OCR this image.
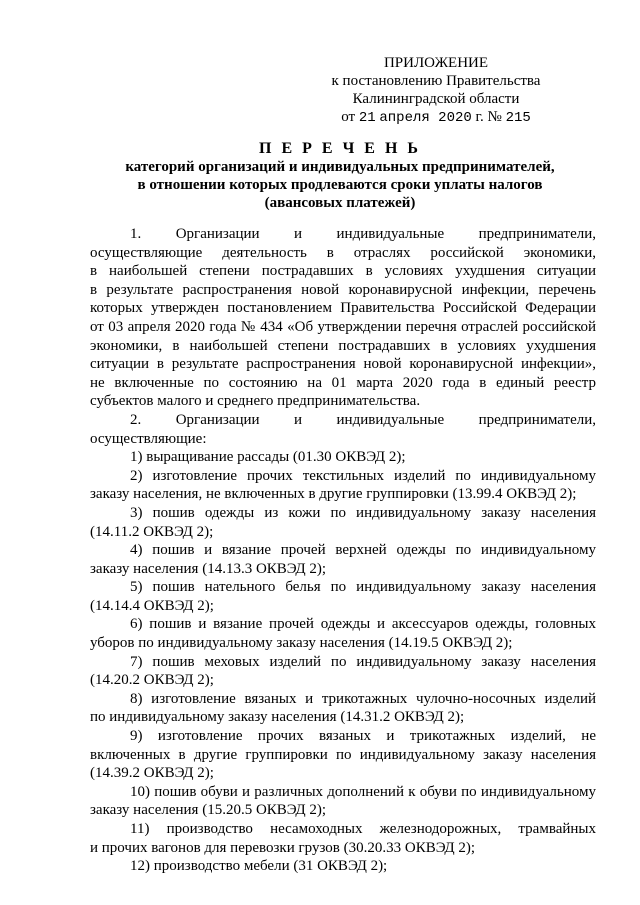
ПРИЛОЖЕНИЕ
к постановлению Правительства
Калининградской области
от 21 апреля 2020 г. № 215
П Е Р Е Ч Е Н Ь
категорий организаций и индивидуальных предпринимателей,
в отношении которых продлеваются сроки уплаты налогов
(авансовых платежей)
1. Организации и индивидуальные предприниматели,
осуществляющие деятельность в отраслях российской экономики,
в наибольшей степени пострадавших в условиях ухудшения ситуации
в результате распространения новой коронавирусной инфекции, перечень
которых утвержден постановлением Правительства Российской Федерации
от 03 апреля 2020 года № 434 «Об утверждении перечня отраслей российской
экономики, в наибольшей степени пострадавших в условиях ухудшения
ситуации в результате распространения новой коронавирусной инфекции»,
не включенные по состоянию на 01 марта 2020 года в единый реестр
субъектов малого и среднего предпринимательства.
2. Организации и индивидуальные предприниматели,
осуществляющие:
1) выращивание рассады (01.30 ОКВЭД 2);
2) изготовление прочих текстильных изделий по индивидуальному
заказу населения, не включенных в другие группировки (13.99.4 ОКВЭД 2);
3) пошив одежды из кожи по индивидуальному заказу населения
(14.11.2 ОКВЭД 2);
4) пошив и вязание прочей верхней одежды по индивидуальному
заказу населения (14.13.3 ОКВЭД 2);
5) пошив нательного белья по индивидуальному заказу населения
(14.14.4 ОКВЭД 2);
6) пошив и вязание прочей одежды и аксессуаров одежды, головных
уборов по индивидуальному заказу населения (14.19.5 ОКВЭД 2);
7) пошив меховых изделий по индивидуальному заказу населения
(14.20.2 ОКВЭД 2);
8) изготовление вязаных и трикотажных чулочно-носочных изделий
по индивидуальному заказу населения (14.31.2 ОКВЭД 2);
9) изготовление прочих вязаных и трикотажных изделий, не
включенных в другие группировки по индивидуальному заказу населения
(14.39.2 ОКВЭД 2);
10) пошив обуви и различных дополнений к обуви по индивидуальному
заказу населения (15.20.5 ОКВЭД 2);
11) производство несамоходных железнодорожных, трамвайных
и прочих вагонов для перевозки грузов (30.20.33 ОКВЭД 2);
12) производство мебели (31 ОКВЭД 2);
